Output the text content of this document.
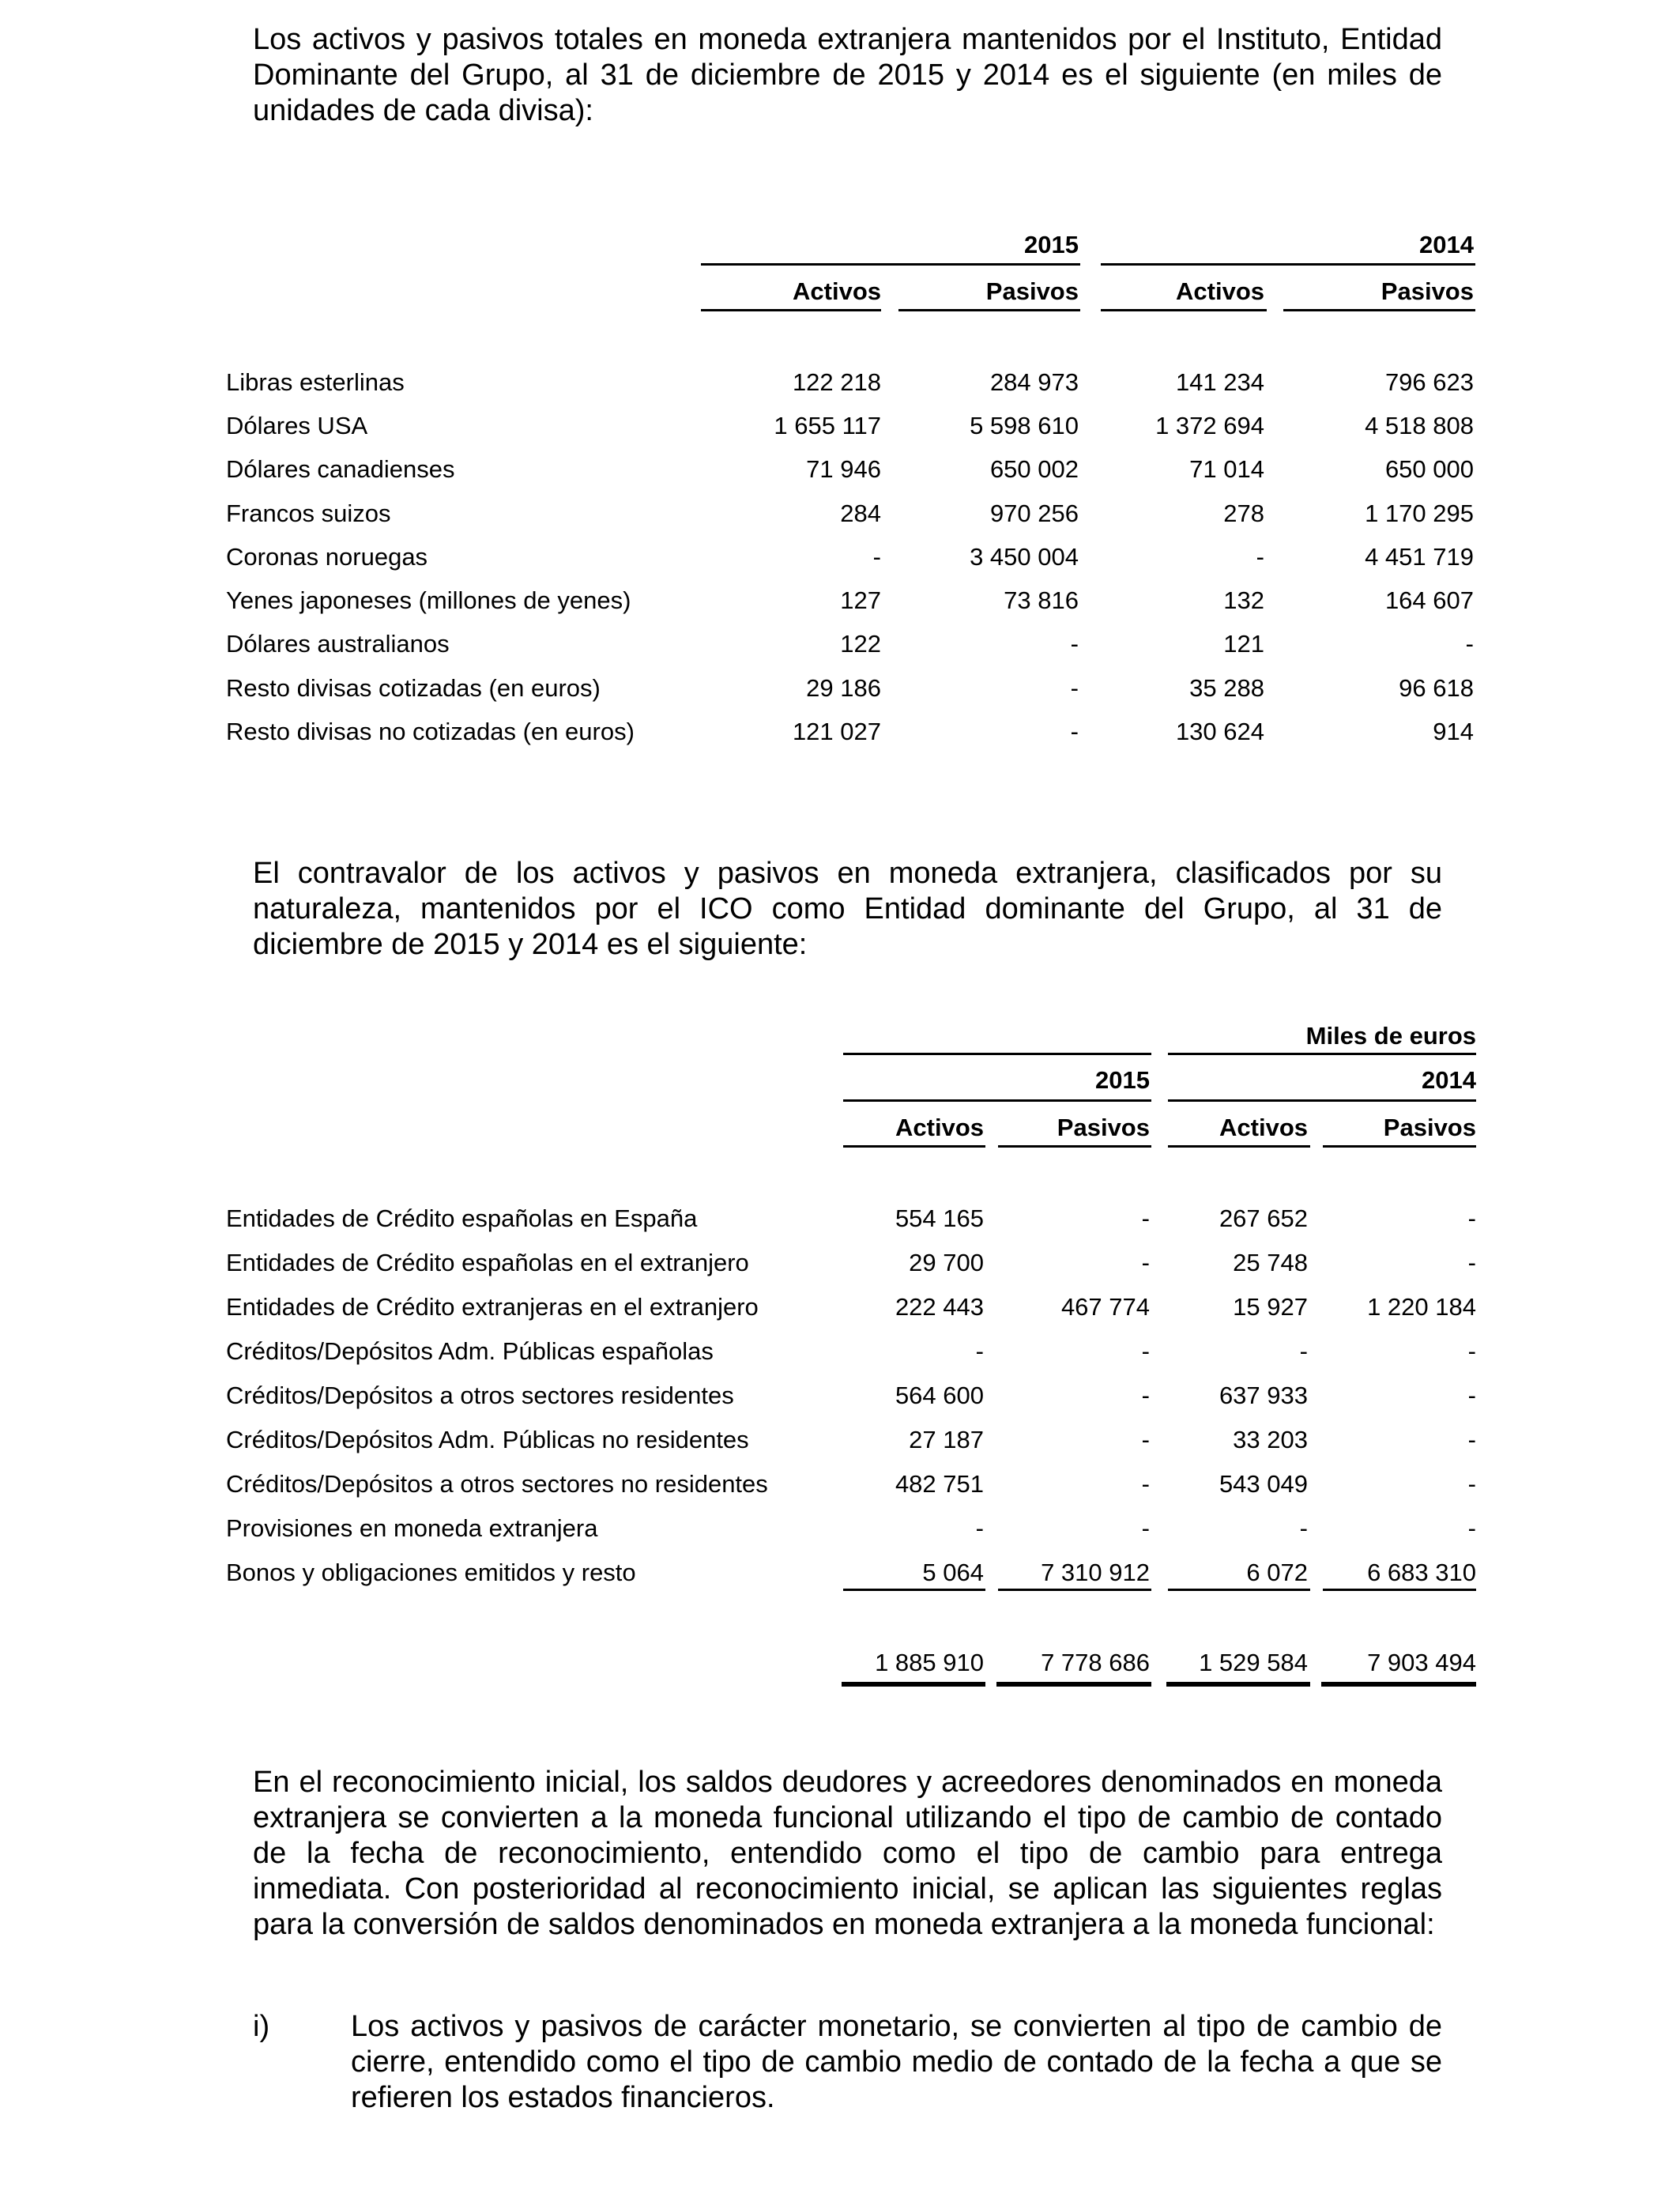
Los activos y pasivos totales en moneda extranjera mantenidos por el Instituto, Entidad Dominante del Grupo, al 31 de diciembre de 2015 y 2014 es el siguiente (en miles de unidades de cada divisa):

2015	2014
Activos	Pasivos	Activos	Pasivos
Libras esterlinas	122 218	284 973	141 234	796 623
Dólares USA	1 655 117	5 598 610	1 372 694	4 518 808
Dólares canadienses	71 946	650 002	71 014	650 000
Francos suizos	284	970 256	278	1 170 295
Coronas noruegas	-	3 450 004	-	4 451 719
Yenes japoneses (millones de yenes)	127	73 816	132	164 607
Dólares australianos	122	-	121	-
Resto divisas cotizadas (en euros)	29 186	-	35 288	96 618
Resto divisas no cotizadas (en euros)	121 027	-	130 624	914

El contravalor de los activos y pasivos en moneda extranjera, clasificados por su naturaleza, mantenidos por el ICO como Entidad dominante del Grupo, al 31 de diciembre de 2015 y 2014 es el siguiente:

Miles de euros
2015	2014
Activos	Pasivos	Activos	Pasivos
Entidades de Crédito españolas en España	554 165	-	267 652	-
Entidades de Crédito españolas en el extranjero	29 700	-	25 748	-
Entidades de Crédito extranjeras en el extranjero	222 443	467 774	15 927	1 220 184
Créditos/Depósitos Adm. Públicas españolas	-	-	-	-
Créditos/Depósitos a otros sectores residentes	564 600	-	637 933	-
Créditos/Depósitos Adm. Públicas no residentes	27 187	-	33 203	-
Créditos/Depósitos a otros sectores no residentes	482 751	-	543 049	-
Provisiones en moneda extranjera	-	-	-	-
Bonos y obligaciones emitidos y resto	5 064	7 310 912	6 072	6 683 310
1 885 910	7 778 686	1 529 584	7 903 494

En el reconocimiento inicial, los saldos deudores y acreedores denominados en moneda extranjera se convierten a la moneda funcional utilizando el tipo de cambio de contado de la fecha de reconocimiento, entendido como el tipo de cambio para entrega inmediata. Con posterioridad al reconocimiento inicial, se aplican las siguientes reglas para la conversión de saldos denominados en moneda extranjera a la moneda funcional:

i)	Los activos y pasivos de carácter monetario, se convierten al tipo de cambio de cierre, entendido como el tipo de cambio medio de contado de la fecha a que se refieren los estados financieros.
